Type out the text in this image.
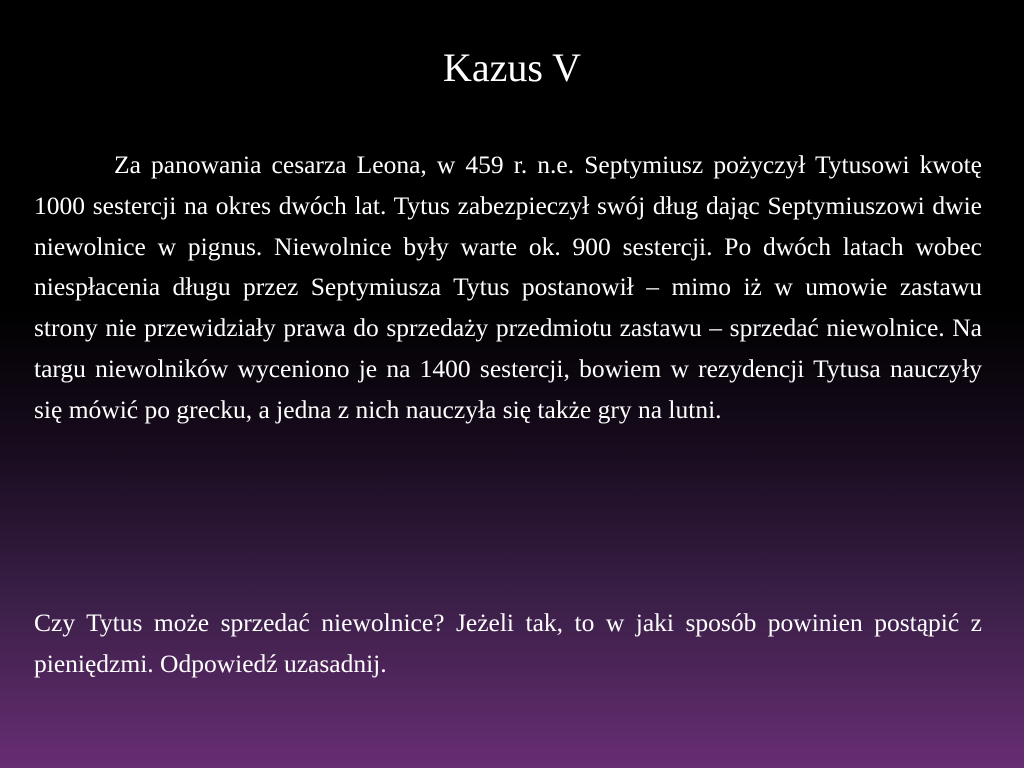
Kazus V

Za panowania cesarza Leona, w 459 r. n.e. Septymiusz pożyczył Tytusowi kwotę 1000 sestercji na okres dwóch lat. Tytus zabezpieczył swój dług dając Septymiuszowi dwie niewolnice w pignus. Niewolnice były warte ok. 900 sestercji. Po dwóch latach wobec niespłacenia długu przez Septymiusza Tytus postanowił – mimo iż w umowie zastawu strony nie przewidziały prawa do sprzedaży przedmiotu zastawu – sprzedać niewolnice. Na targu niewolników wyceniono je na 1400 sestercji, bowiem w rezydencji Tytusa nauczyły się mówić po grecku, a jedna z nich nauczyła się także gry na lutni.

Czy Tytus może sprzedać niewolnice? Jeżeli tak, to w jaki sposób powinien postąpić z pieniędzmi. Odpowiedź uzasadnij.
